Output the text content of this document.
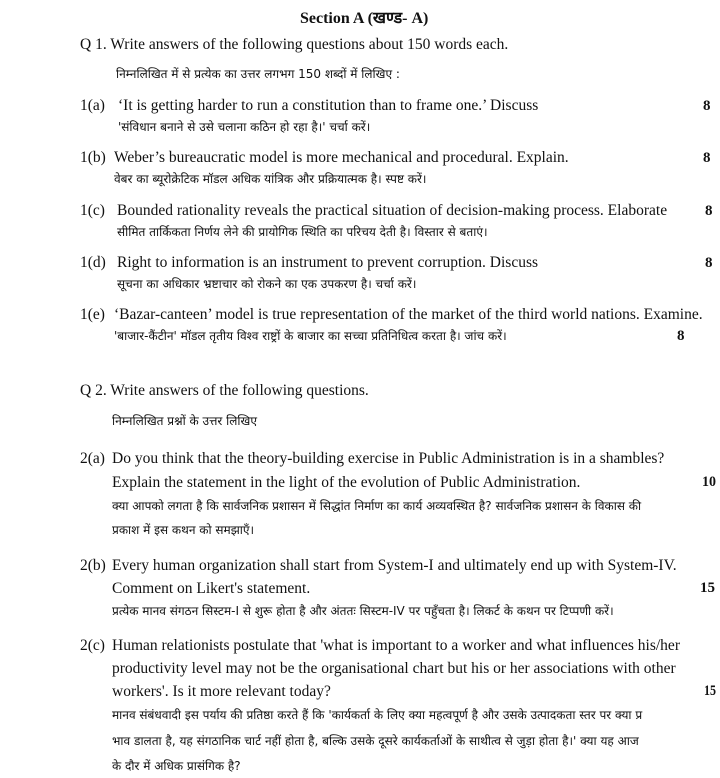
Section A (खण्ड- A)
Q 1. Write answers of the following questions about 150 words each.
निम्नलिखित में से प्रत्येक का उत्तर लगभग 150 शब्दों में लिखिए :
1(a) ‘It is getting harder to run a constitution than to frame one.’ Discuss
'संविधान बनाने से उसे चलाना कठिन हो रहा है।' चर्चा करें।
8
1(b) Weber’s bureaucratic model is more mechanical and procedural. Explain.
वेबर का ब्यूरोक्रेटिक मॉडल अधिक यांत्रिक और प्रक्रियात्मक है। स्पष्ट करें।
8
1(c) Bounded rationality reveals the practical situation of decision-making process. Elaborate
सीमित तार्किकता निर्णय लेने की प्रायोगिक स्थिति का परिचय देती है। विस्तार से बताएं।
8
1(d) Right to information is an instrument to prevent corruption. Discuss
सूचना का अधिकार भ्रष्टाचार को रोकने का एक उपकरण है। चर्चा करें।
8
1(e) ‘Bazar-canteen’ model is true representation of the market of the third world nations. Examine.
'बाजार-कैंटीन' मॉडल तृतीय विश्व राष्ट्रों के बाजार का सच्चा प्रतिनिधित्व करता है। जांच करें।	8
Q 2. Write answers of the following questions.
निम्नलिखित प्रश्नों के उत्तर लिखिए
2(a) Do you think that the theory-building exercise in Public Administration is in a shambles?
Explain the statement in the light of the evolution of Public Administration.	10
क्या आपको लगता है कि सार्वजनिक प्रशासन में सिद्धांत निर्माण का कार्य अव्यवस्थित है? सार्वजनिक प्रशासन के विकास की
प्रकाश में इस कथन को समझाएँ।
2(b) Every human organization shall start from System-I and ultimately end up with System-IV.
Comment on Likert's statement.	15
प्रत्येक मानव संगठन सिस्टम-I से शुरू होता है और अंततः सिस्टम-IV पर पहुँचता है। लिकर्ट के कथन पर टिप्पणी करें।
2(c) Human relationists postulate that 'what is important to a worker and what influences his/her
productivity level may not be the organisational chart but his or her associations with other
workers'. Is it more relevant today?	15
मानव संबंधवादी इस पर्याय की प्रतिष्ठा करते हैं कि 'कार्यकर्ता के लिए क्या महत्वपूर्ण है और उसके उत्पादकता स्तर पर क्या प्र
भाव डालता है, यह संगठानिक चार्ट नहीं होता है, बल्कि उसके दूसरे कार्यकर्ताओं के साथीत्व से जुड़ा होता है।' क्या यह आज
के दौर में अधिक प्रासंगिक है?
